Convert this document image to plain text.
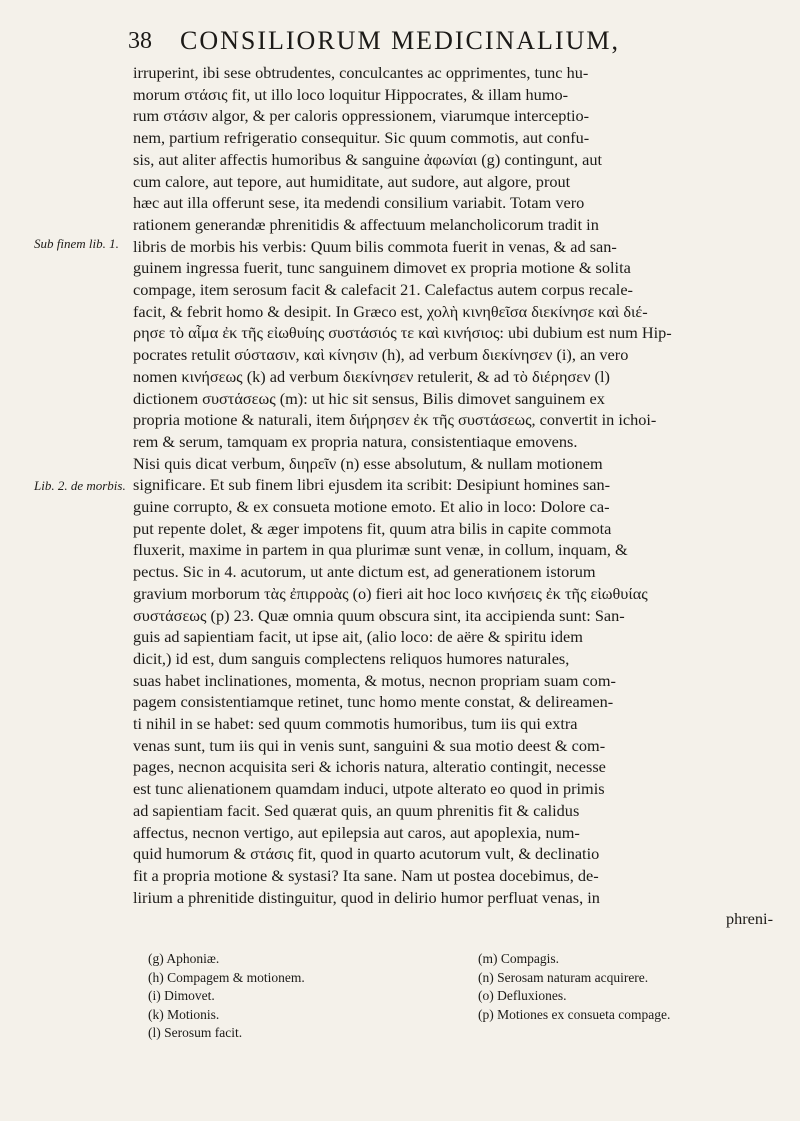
38 CONSILIORUM MEDICINALIUM,
Sub finem lib. 1.
Lib. 2. de morbis.
irruperint, ibi sese obtrudentes, conculcantes ac opprimentes, tunc hu-
morum στάσις fit, ut illo loco loquitur Hippocrates, & illam humo-
rum στάσιν algor, & per caloris oppressionem, viarumque interceptio-
nem, partium refrigeratio consequitur. Sic quum commotis, aut confu-
sis, aut aliter affectis humoribus & sanguine ἀφωνίαι (g) contingunt, aut
cum calore, aut tepore, aut humiditate, aut sudore, aut algore, prout
hæc aut illa offerunt sese, ita medendi consilium variabit. Totam vero
rationem generandæ phrenitidis & affectuum melancholicorum tradit in
libris de morbis his verbis: Quum bilis commota fuerit in venas, & ad san-
guinem ingressa fuerit, tunc sanguinem dimovet ex propria motione & solita
compage, item serosum facit & calefacit 21. Calefactus autem corpus recale-
facit, & febrit homo & desipit. In Græco est, χολὴ κινηθεῖσα διεκίνησε καὶ διέ-
ρησε τὸ αἷμα ἐκ τῆς εἰωθυίης συστάσιός τε καὶ κινήσιος: ubi dubium est num Hip-
pocrates retulit σύστασιν, καὶ κίνησιν (h), ad verbum διεκίνησεν (i), an vero
nomen κινήσεως (k) ad verbum διεκίνησεν retulerit, & ad τὸ διέρησεν (l)
dictionem συστάσεως (m): ut hic sit sensus, Bilis dimovet sanguinem ex
propria motione & naturali, item διήρησεν ἐκ τῆς συστάσεως, convertit in ichoi-
rem & serum, tamquam ex propria natura, consistentiaque emovens.
Nisi quis dicat verbum, διηρεῖν (n) esse absolutum, & nullam motionem
significare. Et sub finem libri ejusdem ita scribit: Desipiunt homines san-
guine corrupto, & ex consueta motione emoto. Et alio in loco: Dolore ca-
put repente dolet, & æger impotens fit, quum atra bilis in capite commota
fluxerit, maxime in partem in qua plurimæ sunt venæ, in collum, inquam, &
pectus. Sic in 4. acutorum, ut ante dictum est, ad generationem istorum
gravium morborum τὰς ἐπιρροὰς (o) fieri ait hoc loco κινήσεις ἐκ τῆς εἰωθυίας
συστάσεως (p) 23. Quæ omnia quum obscura sint, ita accipienda sunt: San-
guis ad sapientiam facit, ut ipse ait, (alio loco: de aëre & spiritu idem
dicit,) id est, dum sanguis complectens reliquos humores naturales,
suas habet inclinationes, momenta, & motus, necnon propriam suam com-
pagem consistentiamque retinet, tunc homo mente constat, & delireamen-
ti nihil in se habet: sed quum commotis humoribus, tum iis qui extra
venas sunt, tum iis qui in venis sunt, sanguini & sua motio deest & com-
pages, necnon acquisita seri & ichoris natura, alteratio contingit, necesse
est tunc alienationem quamdam induci, utpote alterato eo quod in primis
ad sapientiam facit. Sed quærat quis, an quum phrenitis fit & calidus
affectus, necnon vertigo, aut epilepsia aut caros, aut apoplexia, num-
quid humorum & στάσις fit, quod in quarto acutorum vult, & declinatio
fit a propria motione & systasi? Ita sane. Nam ut postea docebimus, de-
lirium a phrenitide distinguitur, quod in delirio humor perfluat venas, in
phreni-
(g) Aphoniæ.
(h) Compagem & motionem.
(i) Dimovet.
(k) Motionis.
(l) Serosum facit.
(m) Compagis.
(n) Serosam naturam acquirere.
(o) Defluxiones.
(p) Motiones ex consueta compage.
